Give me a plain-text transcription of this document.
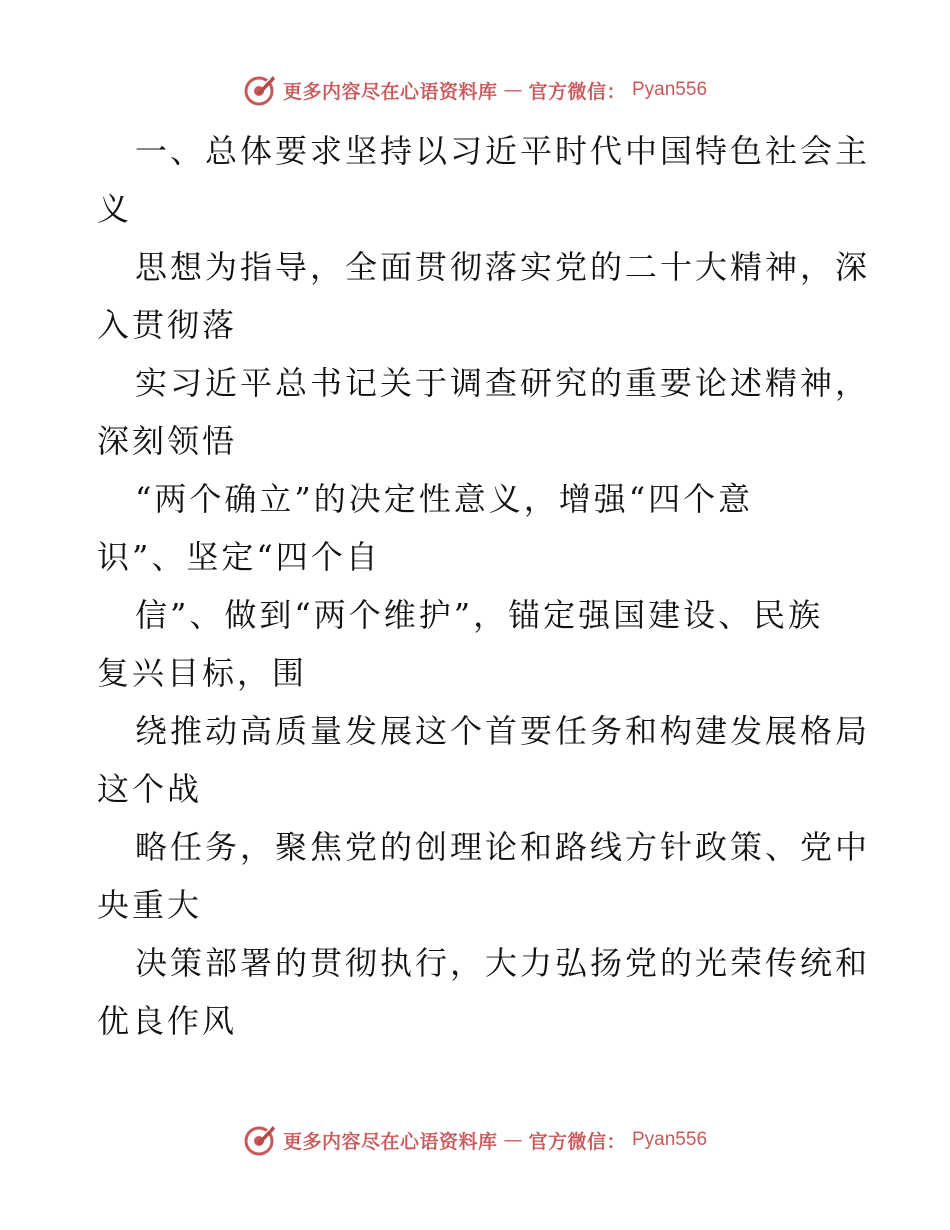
更多内容尽在心语资料库 — 官方微信： Pyan556
一、总体要求坚持以习近平时代中国特色社会主
义
思想为指导，全面贯彻落实党的二十大精神，深
入贯彻落
实习近平总书记关于调查研究的重要论述精神，
深刻领悟
“两个确立”的决定性意义，增强“四个意
识”、坚定“四个自
信”、做到“两个维护”，锚定强国建设、民族
复兴目标，围
绕推动高质量发展这个首要任务和构建发展格局
这个战
略任务，聚焦党的创理论和路线方针政策、党中
央重大
决策部署的贯彻执行，大力弘扬党的光荣传统和
优良作风
更多内容尽在心语资料库 — 官方微信： Pyan556
